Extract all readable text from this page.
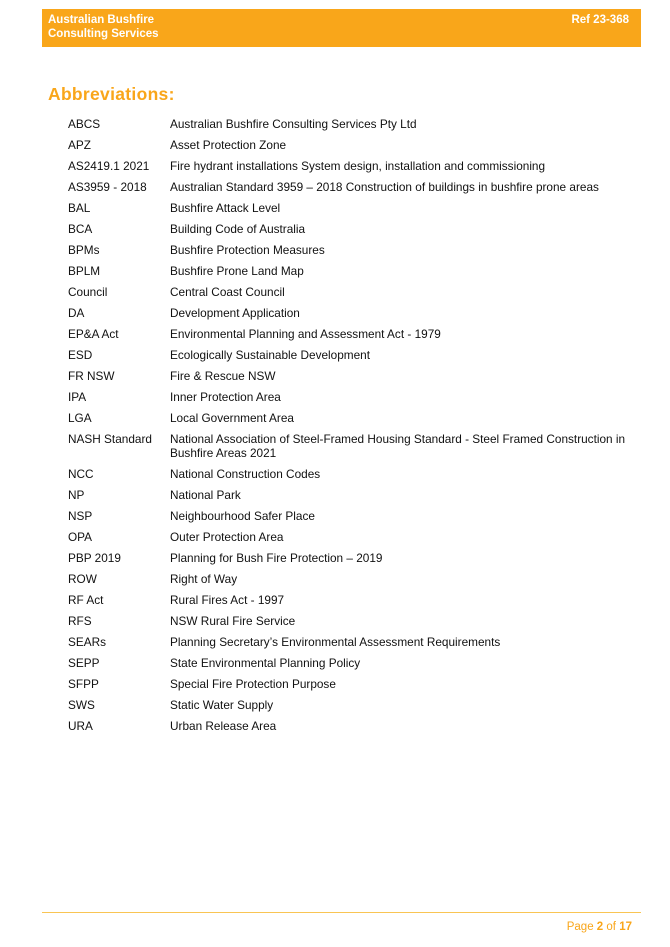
Australian Bushfire
Consulting Services
Ref 23-368
Abbreviations:
ABCS	Australian Bushfire Consulting Services Pty Ltd
APZ	Asset Protection Zone
AS2419.1 2021	Fire hydrant installations System design, installation and commissioning
AS3959 - 2018	Australian Standard 3959 – 2018 Construction of buildings in bushfire prone areas
BAL	Bushfire Attack Level
BCA	Building Code of Australia
BPMs	Bushfire Protection Measures
BPLM	Bushfire Prone Land Map
Council	Central Coast Council
DA	Development Application
EP&A Act	Environmental Planning and Assessment Act - 1979
ESD	Ecologically Sustainable Development
FR NSW	Fire & Rescue NSW
IPA	Inner Protection Area
LGA	Local Government Area
NASH Standard	National Association of Steel-Framed Housing Standard - Steel Framed Construction in Bushfire Areas 2021
NCC	National Construction Codes
NP	National Park
NSP	Neighbourhood Safer Place
OPA	Outer Protection Area
PBP 2019	Planning for Bush Fire Protection – 2019
ROW	Right of Way
RF Act	Rural Fires Act - 1997
RFS	NSW Rural Fire Service
SEARs	Planning Secretary’s Environmental Assessment Requirements
SEPP	State Environmental Planning Policy
SFPP	Special Fire Protection Purpose
SWS	Static Water Supply
URA	Urban Release Area
Page 2 of 17
